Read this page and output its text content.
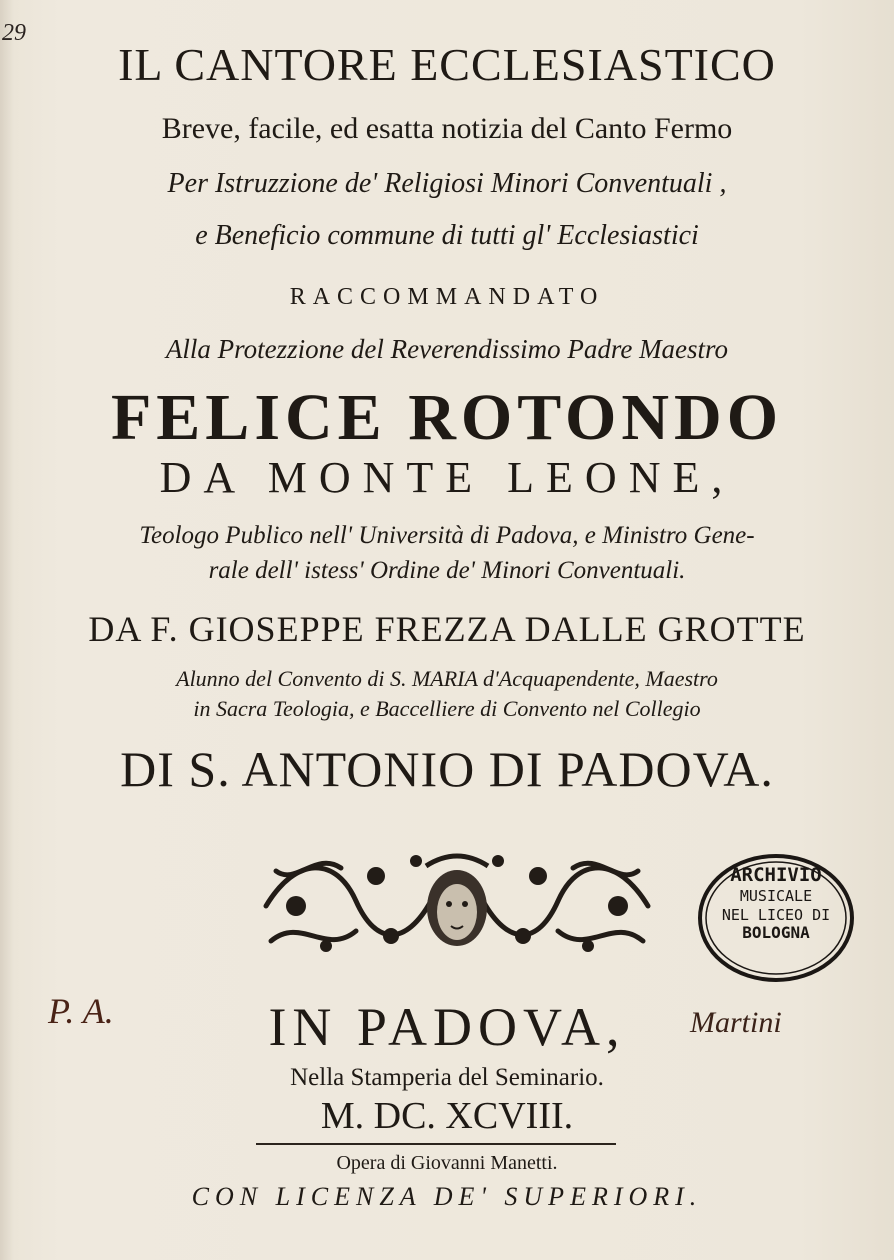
29
IL CANTORE ECCLESIASTICO
Breve, facile, ed esatta notizia del Canto Fermo
Per Istruzzione de' Religiosi Minori Conventuali ,
e Beneficio commune di tutti gl' Ecclesiastici
RACCOMMANDATO
Alla Protezzione del Reverendissimo Padre Maestro
FELICE ROTONDO
DA MONTE LEONE,
Teologo Publico nell' Università di Padova, e Ministro Gene-
rale dell' istess' Ordine de' Minori Conventuali.
DA F. GIOSEPPE FREZZA DALLE GROTTE
Alunno del Convento di S. MARIA d'Acquapendente, Maestro
in Sacra Teologia, e Baccelliere di Convento nel Collegio
DI S. ANTONIO DI PADOVA.
ARCHIVIO
MUSICALE
NEL LICEO DI
BOLOGNA
P. A.	Martini
IN PADOVA,
Nella Stamperia del Seminario.
M. DC. XCVIII.
Opera di Giovanni Manetti.
CON LICENZA DE' SUPERIORI.
